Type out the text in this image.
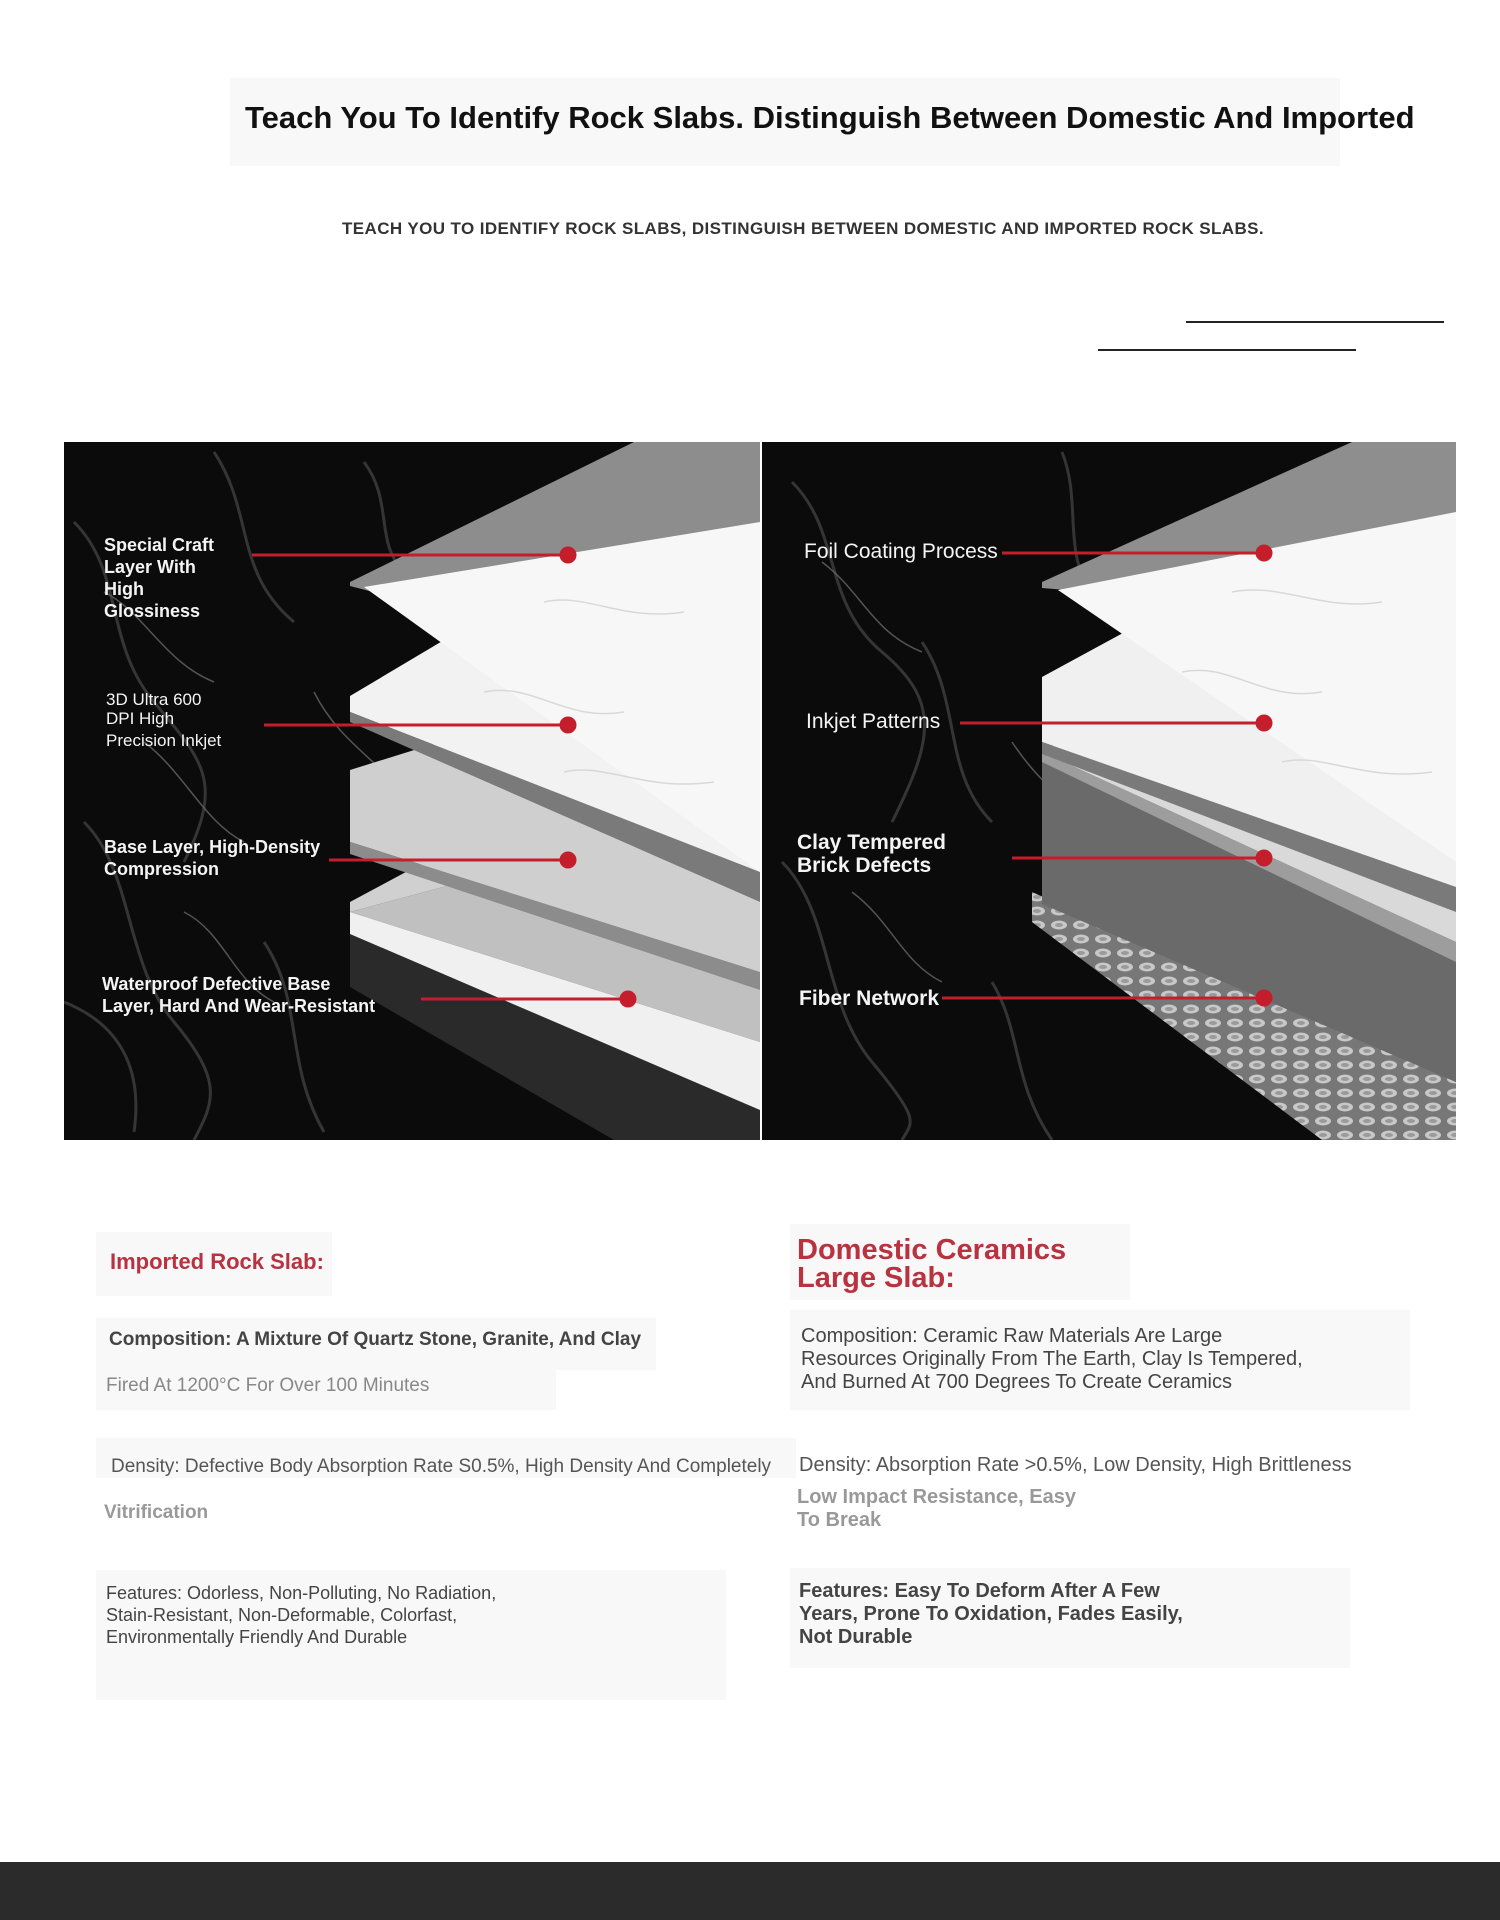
Teach You To Identify Rock Slabs. Distinguish Between Domestic And Imported
TEACH YOU TO IDENTIFY ROCK SLABS, DISTINGUISH BETWEEN DOMESTIC AND IMPORTED ROCK SLABS.
Special Craft
Layer With
High
Glossiness
3D Ultra 600
DPI High
Precision Inkjet
Base Layer, High-Density
Compression
Waterproof Defective Base
Layer, Hard And Wear-Resistant
Foil Coating Process
Inkjet Patterns
Clay Tempered
Brick Defects
Fiber Network
Imported Rock Slab:
Composition: A Mixture Of Quartz Stone, Granite, And Clay
Fired At 1200°C For Over 100 Minutes
Density: Defective Body Absorption Rate S0.5%, High Density And Completely
Vitrification
Features: Odorless, Non-Polluting, No Radiation,
Stain-Resistant, Non-Deformable, Colorfast,
Environmentally Friendly And Durable
Domestic Ceramics
Large Slab:
Composition: Ceramic Raw Materials Are Large
Resources Originally From The Earth, Clay Is Tempered,
And Burned At 700 Degrees To Create Ceramics
Density: Absorption Rate >0.5%, Low Density, High Brittleness
Low Impact Resistance, Easy
To Break
Features: Easy To Deform After A Few
Years, Prone To Oxidation, Fades Easily,
Not Durable
